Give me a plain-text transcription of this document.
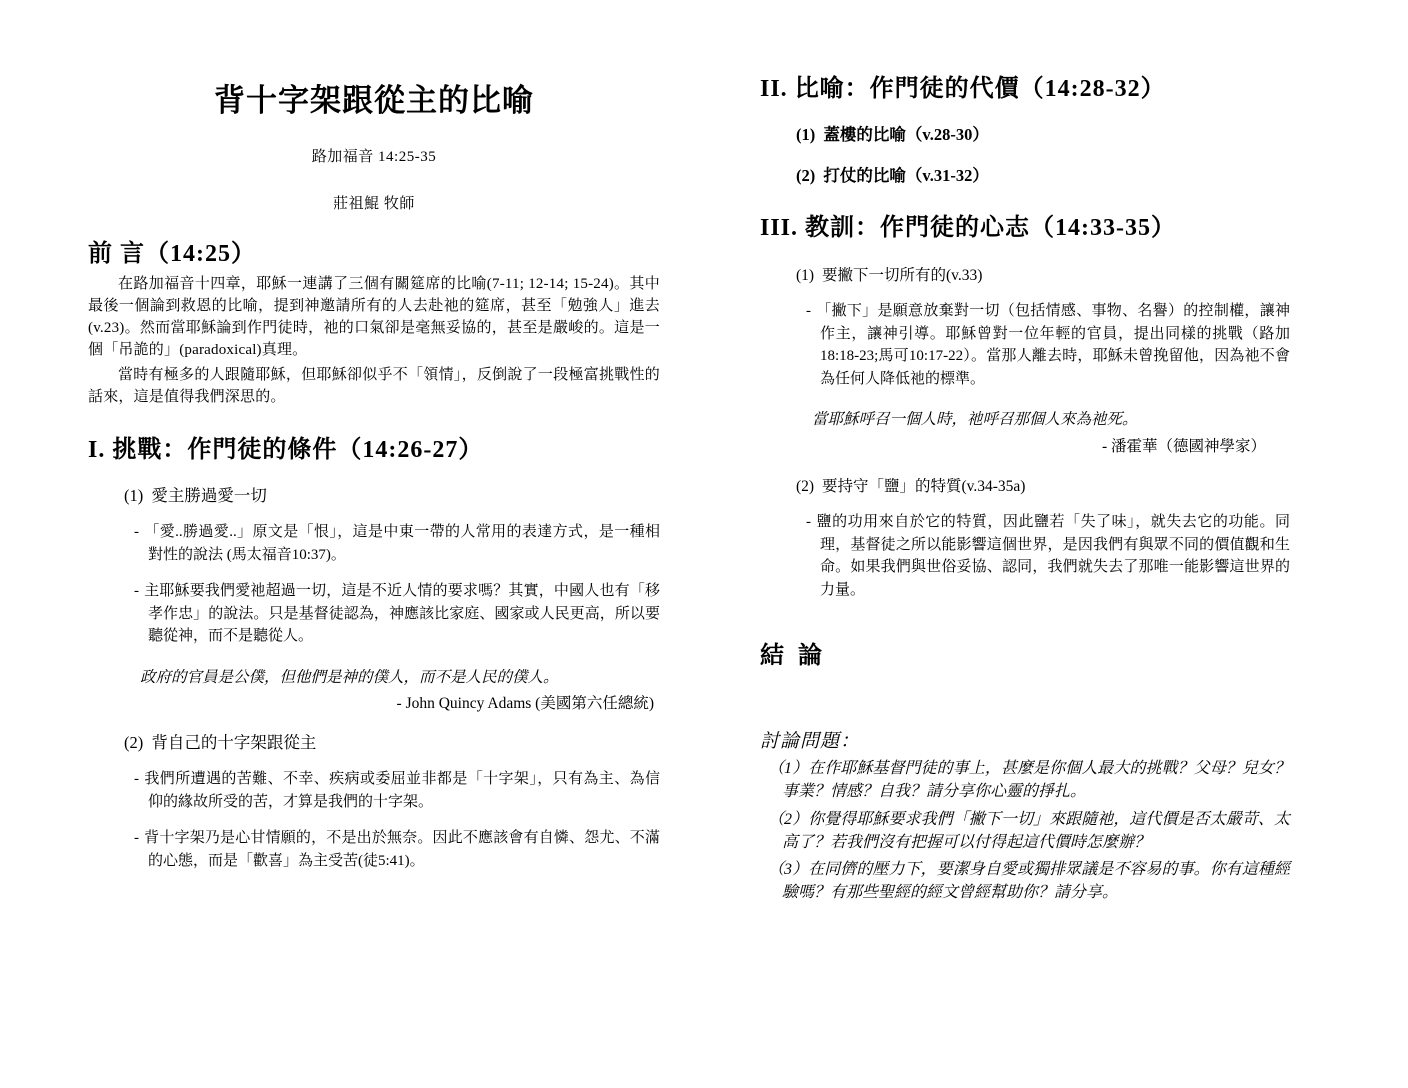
背十字架跟從主的比喻
路加福音 14:25-35
莊祖鯤 牧師
前 言（14:25）

在路加福音十四章，耶穌一連講了三個有關筵席的比喻(7-11; 12-14; 15-24)。其中最後一個論到救恩的比喻，提到神邀請所有的人去赴祂的筵席，甚至「勉強人」進去(v.23)。然而當耶穌論到作門徒時，祂的口氣卻是毫無妥協的，甚至是嚴峻的。這是一個「吊詭的」(paradoxical)真理。

當時有極多的人跟隨耶穌，但耶穌卻似乎不「領情」，反倒說了一段極富挑戰性的話來，這是值得我們深思的。

I. 挑戰：作門徒的條件（14:26-27）
(1) 愛主勝過愛一切
- 「愛..勝過愛..」原文是「恨」，這是中東一帶的人常用的表達方式，是一種相對性的說法 (馬太福音10:37)。
- 主耶穌要我們愛祂超過一切，這是不近人情的要求嗎？其實，中國人也有「移孝作忠」的說法。只是基督徒認為，神應該比家庭、國家或人民更高，所以要聽從神，而不是聽從人。
政府的官員是公僕，但他們是神的僕人，而不是人民的僕人。
- John Quincy Adams (美國第六任總統)
(2) 背自己的十字架跟從主
- 我們所遭遇的苦難、不幸、疾病或委屈並非都是「十字架」，只有為主、為信仰的緣故所受的苦，才算是我們的十字架。
- 背十字架乃是心甘情願的，不是出於無奈。因此不應該會有自憐、怨尤、不滿的心態，而是「歡喜」為主受苦(徒5:41)。
II. 比喻：作門徒的代價（14:28-32）
(1) 蓋樓的比喻（v.28-30）
(2) 打仗的比喻（v.31-32）
III. 教訓：作門徒的心志（14:33-35）
(1) 要撇下一切所有的(v.33)
- 「撇下」是願意放棄對一切（包括情感、事物、名譽）的控制權，讓神作主，讓神引導。耶穌曾對一位年輕的官員，提出同樣的挑戰（路加18:18-23;馬可10:17-22）。當那人離去時，耶穌未曾挽留他，因為祂不會為任何人降低祂的標準。
當耶穌呼召一個人時，祂呼召那個人來為祂死。
- 潘霍華（德國神學家）
(2) 要持守「鹽」的特質(v.34-35a)
- 鹽的功用來自於它的特質，因此鹽若「失了味」，就失去它的功能。同理，基督徒之所以能影響這個世界，是因我們有與眾不同的價值觀和生命。如果我們與世俗妥協、認同，我們就失去了那唯一能影響這世界的力量。
結 論
討論問題：
（1）在作耶穌基督門徒的事上，甚麼是你個人最大的挑戰？父母？兒女？事業？情感？自我？請分享你心靈的掙扎。
（2）你覺得耶穌要求我們「撇下一切」來跟隨祂，這代價是否太嚴苛、太高了？若我們沒有把握可以付得起這代價時怎麼辦？
（3）在同儕的壓力下，要潔身自愛或獨排眾議是不容易的事。你有這種經驗嗎？有那些聖經的經文曾經幫助你？請分享。
